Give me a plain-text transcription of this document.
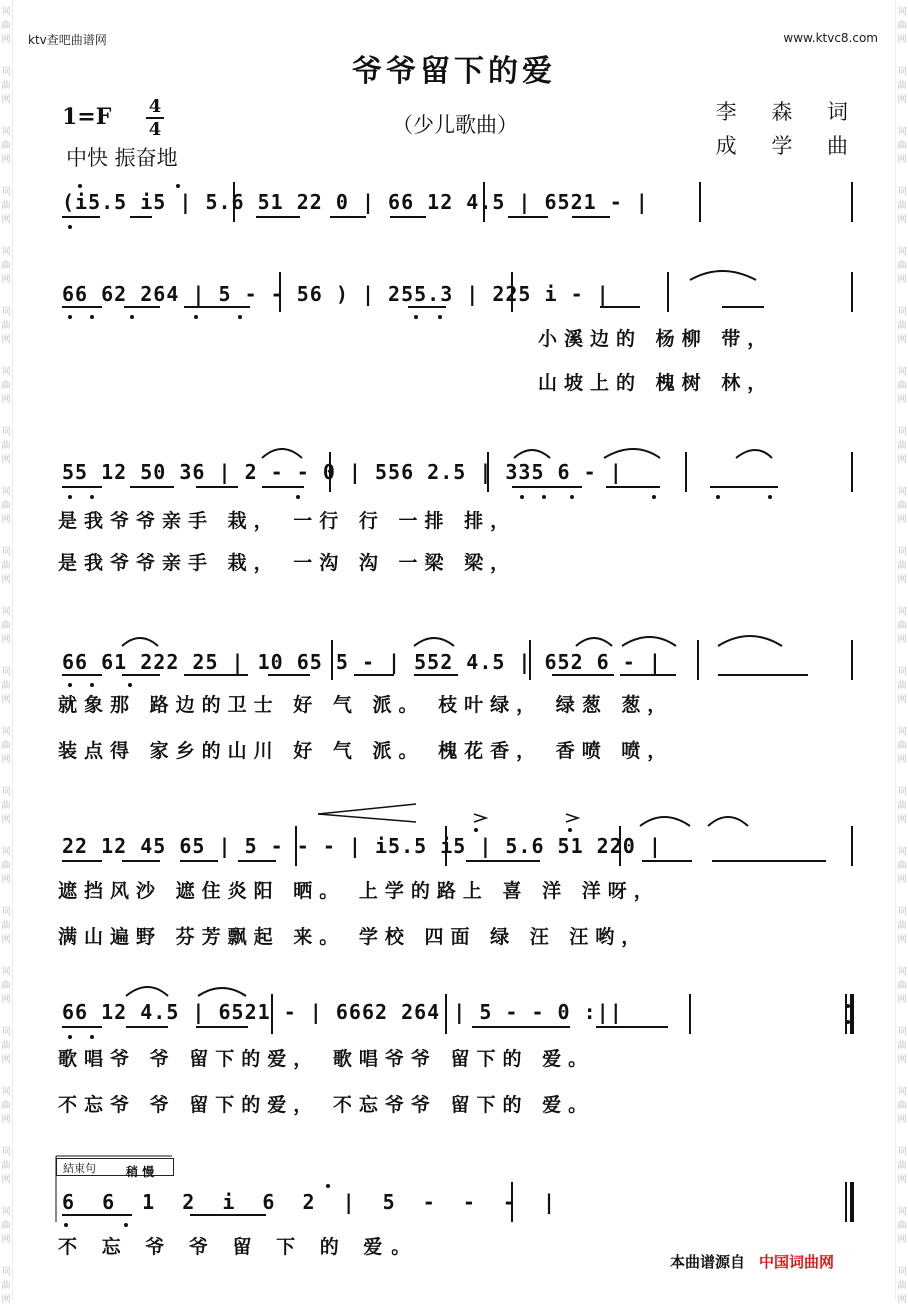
词
曲
网
词
曲
网
词
曲
网
词
曲
网
词
曲
网
词
曲
网
词
曲
网
词
曲
网
词
曲
网
词
曲
网
词
曲
网
词
曲
网
词
曲
网
词
曲
网
词
曲
网
词
曲
网
词
曲
网
词
曲
网
词
曲
网
词
曲
网
词
曲
网
词
曲
网
词
曲
网
词
曲
网
词
曲
网
词
曲
网
词
曲
网
词
曲
网
词
曲
网
词
曲
网
词
曲
网
词
曲
网
词
曲
网
词
曲
网
词
曲
网
词
曲
网
词
曲
网
词
曲
网
词
曲
网
词
曲
网
词
曲
网
词
曲
网
词
曲
网
词
曲
网
ktv查吧曲谱网	www.ktvc8.com
爷爷留下的爱
1=F 4
4	（少儿歌曲）
中快 振奋地
李 森 词
成 学 曲
(i5.5 i5 | 5.6 51 22 0 | 66 12 4.5 | 6521 - |
66 62 264 | 5 - - 56 ) | 255.3 | 225 i - |
小溪边的 杨柳 带，
山坡上的 槐树 林，
55 12 50 36 | 2 - - 0 | 556 2.5 | 335 6 - |
是我爷爷亲手 栽， 一行 行 一排 排，
是我爷爷亲手 栽， 一沟 沟 一梁 梁，
66 61 222 25 | 10 65 5 - | 552 4.5 | 652 6 - |
就象那 路边的卫士 好 气 派。 枝叶绿， 绿葱 葱，
装点得 家乡的山川 好 气 派。 槐花香， 香喷 喷，
22 12 45 65 | 5 - - - | i5.5 i5 | 5.6 51 220 |
遮挡风沙 遮住炎阳 晒。 上学的路上 喜 洋 洋呀，
满山遍野 芬芳飘起 来。 学校 四面 绿 汪 汪哟，
66 12 4.5 | 6521 - | 6662 264 | 5 - - 0 :||
歌唱爷 爷 留下的爱， 歌唱爷爷 留下的 爱。
不忘爷 爷 留下的爱， 不忘爷爷 留下的 爱。
結束句	稍 慢
6 6 1 2 i 6 2 | 5 - - - |
不 忘 爷 爷 留 下 的 爱。
本曲谱源自 中国词曲网
